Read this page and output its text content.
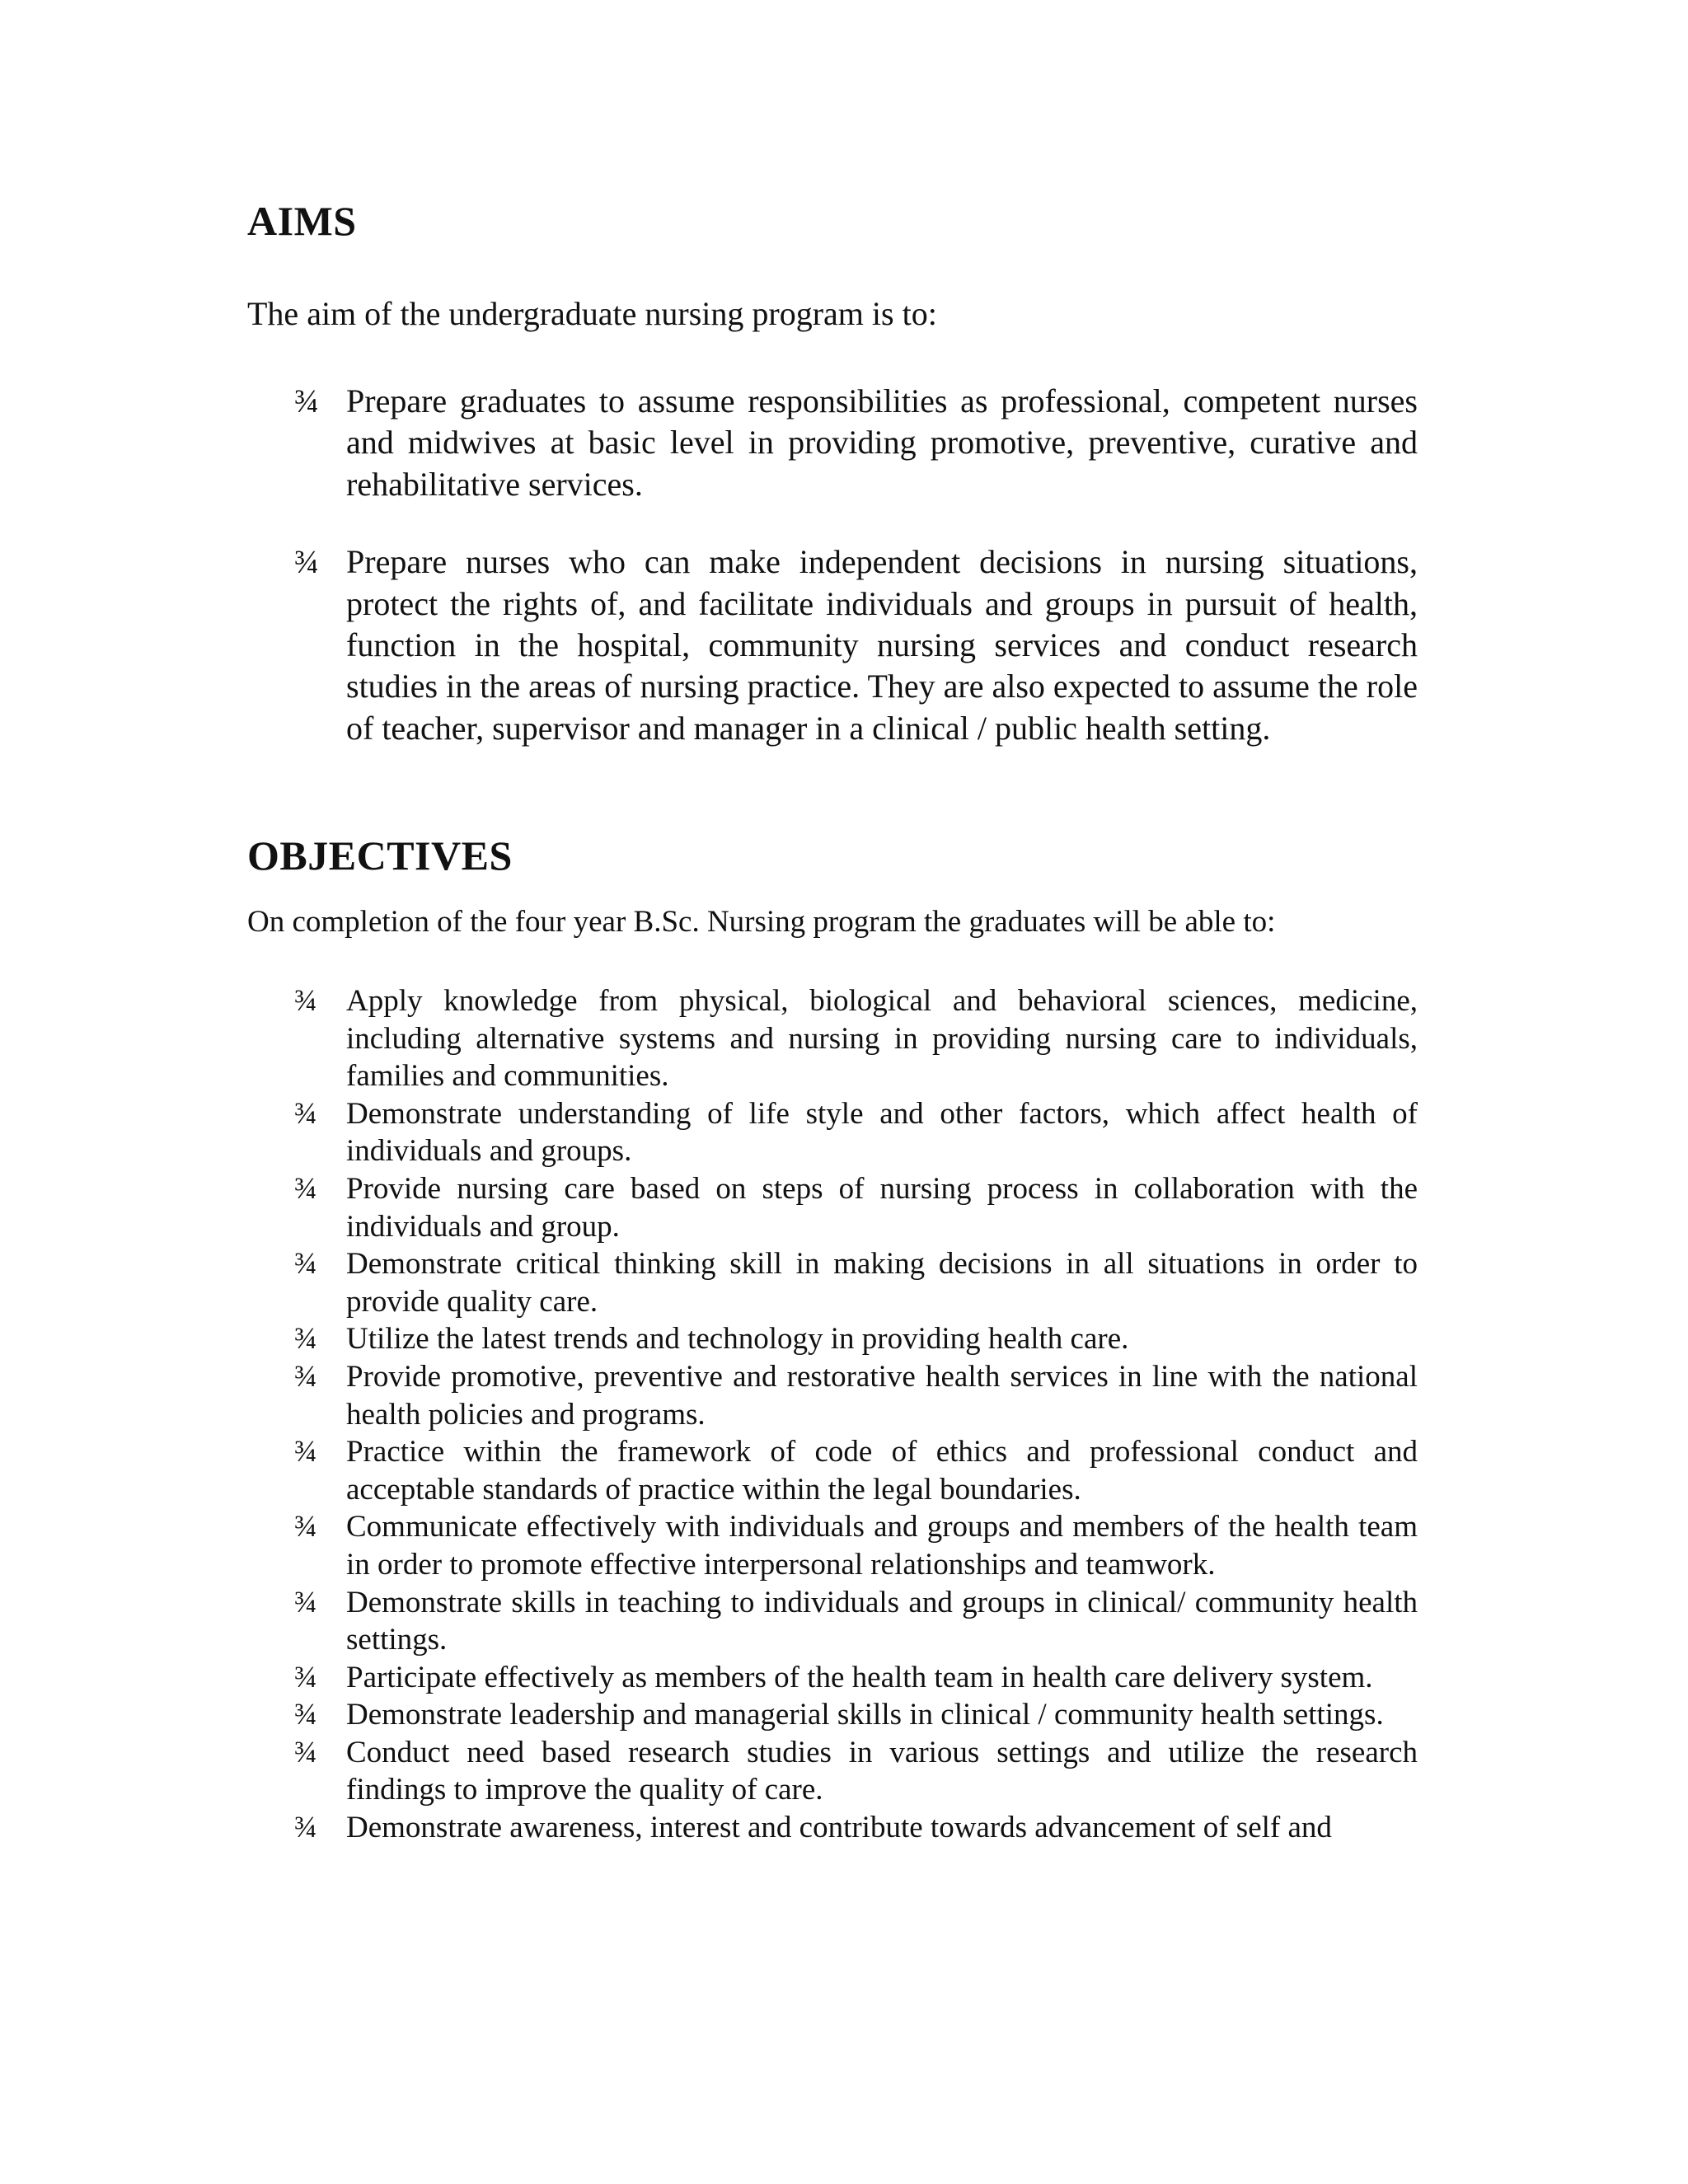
AIMS

The aim of the undergraduate nursing program is to:

¾ Prepare graduates to assume responsibilities as professional, competent nurses and midwives at basic level in providing promotive, preventive, curative and rehabilitative services.
¾ Prepare nurses who can make independent decisions in nursing situations, protect the rights of, and facilitate individuals and groups in pursuit of health, function in the hospital, community nursing services and conduct research studies in the areas of nursing practice. They are also expected to assume the role of teacher, supervisor and manager in a clinical / public health setting.
OBJECTIVES

On completion of the four year B.Sc. Nursing program the graduates will be able to:

¾ Apply knowledge from physical, biological and behavioral sciences, medicine, including alternative systems and nursing in providing nursing care to individuals, families and communities.
¾ Demonstrate understanding of life style and other factors, which affect health of individuals and groups.
¾ Provide nursing care based on steps of nursing process in collaboration with the individuals and group.
¾ Demonstrate critical thinking skill in making decisions in all situations in order to provide quality care.
¾ Utilize the latest trends and technology in providing health care.
¾ Provide promotive, preventive and restorative health services in line with the national health policies and programs.
¾ Practice within the framework of code of ethics and professional conduct and acceptable standards of practice within the legal boundaries.
¾ Communicate effectively with individuals and groups and members of the health team in order to promote effective interpersonal relationships and teamwork.
¾ Demonstrate skills in teaching to individuals and groups in clinical/ community health settings.
¾ Participate effectively as members of the health team in health care delivery system.
¾ Demonstrate leadership and managerial skills in clinical / community health settings.
¾ Conduct need based research studies in various settings and utilize the research findings to improve the quality of care.
¾ Demonstrate awareness, interest and contribute towards advancement of self and
